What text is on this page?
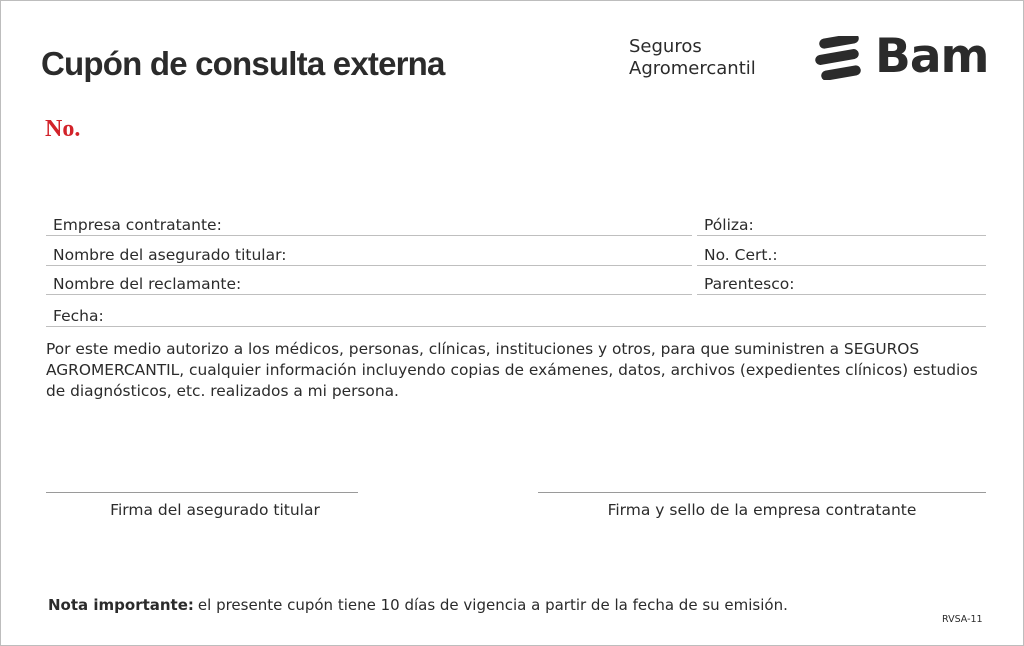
Cupón de consulta externa	Seguros
Agromercantil	Bam
No.
Empresa contratante:	Póliza:
Nombre del asegurado titular:	No. Cert.:
Nombre del reclamante:	Parentesco:
Fecha:
Por este medio autorizo a los médicos, personas, clínicas, instituciones y otros, para que suministren a SEGUROS AGROMERCANTIL, cualquier información incluyendo copias de exámenes, datos, archivos (expedientes clínicos) estudios de diagnósticos, etc. realizados a mi persona.
Firma del asegurado titular	Firma y sello de la empresa contratante
Nota importante: el presente cupón tiene 10 días de vigencia a partir de la fecha de su emisión.
RVSA-11
